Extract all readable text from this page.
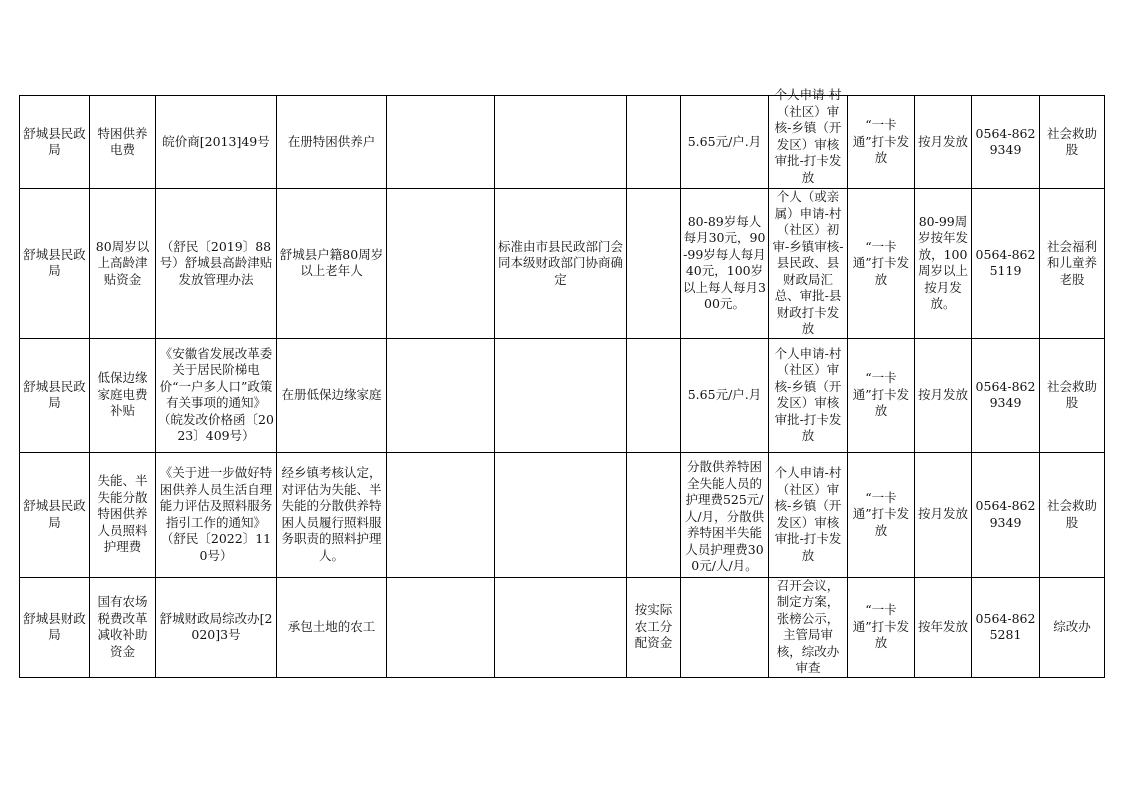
舒城县民政局	特困供养电费	皖价商[2013]49号	在册特困供养户				5.65元/户.月	个人申请-村（社区）审核-乡镇（开发区）审核审批-打卡发放	“一卡通”打卡发放	按月发放	0564-8629349	社会救助股
舒城县民政局	80周岁以上高龄津贴资金	（舒民〔2019〕88号）舒城县高龄津贴发放管理办法	舒城县户籍80周岁以上老年人		标准由市县民政部门会同本级财政部门协商确定		80-89岁每人每月30元，90-99岁每人每月40元，100岁以上每人每月300元。	个人（或亲属）申请-村（社区）初审-乡镇审核-县民政、县财政局汇总、审批-县财政打卡发放	“一卡通”打卡发放	80-99周岁按年发放，100周岁以上按月发放。	0564-8625119	社会福利和儿童养老股
舒城县民政局	低保边缘家庭电费补贴	《安徽省发展改革委关于居民阶梯电价“一户多人口”政策有关事项的通知》（皖发改价格函〔2023〕409号）	在册低保边缘家庭				5.65元/户.月	个人申请-村（社区）审核-乡镇（开发区）审核审批-打卡发放	“一卡通”打卡发放	按月发放	0564-8629349	社会救助股
舒城县民政局	失能、半失能分散特困供养人员照料护理费	《关于进一步做好特困供养人员生活自理能力评估及照料服务指引工作的通知》（舒民〔2022〕110号）	经乡镇考核认定，对评估为失能、半失能的分散供养特困人员履行照料服务职责的照料护理人。				分散供养特困全失能人员的护理费525元/人/月，分散供养特困半失能人员护理费300元/人/月。	个人申请-村（社区）审核-乡镇（开发区）审核审批-打卡发放	“一卡通”打卡发放	按月发放	0564-8629349	社会救助股
舒城县财政局	国有农场税费改革减收补助资金	舒城财政局综改办[2020]3号	承包土地的农工			按实际农工分配资金		召开会议，制定方案，张榜公示，主管局审核，综改办审查	“一卡通”打卡发放	按年发放	0564-8625281	综改办
